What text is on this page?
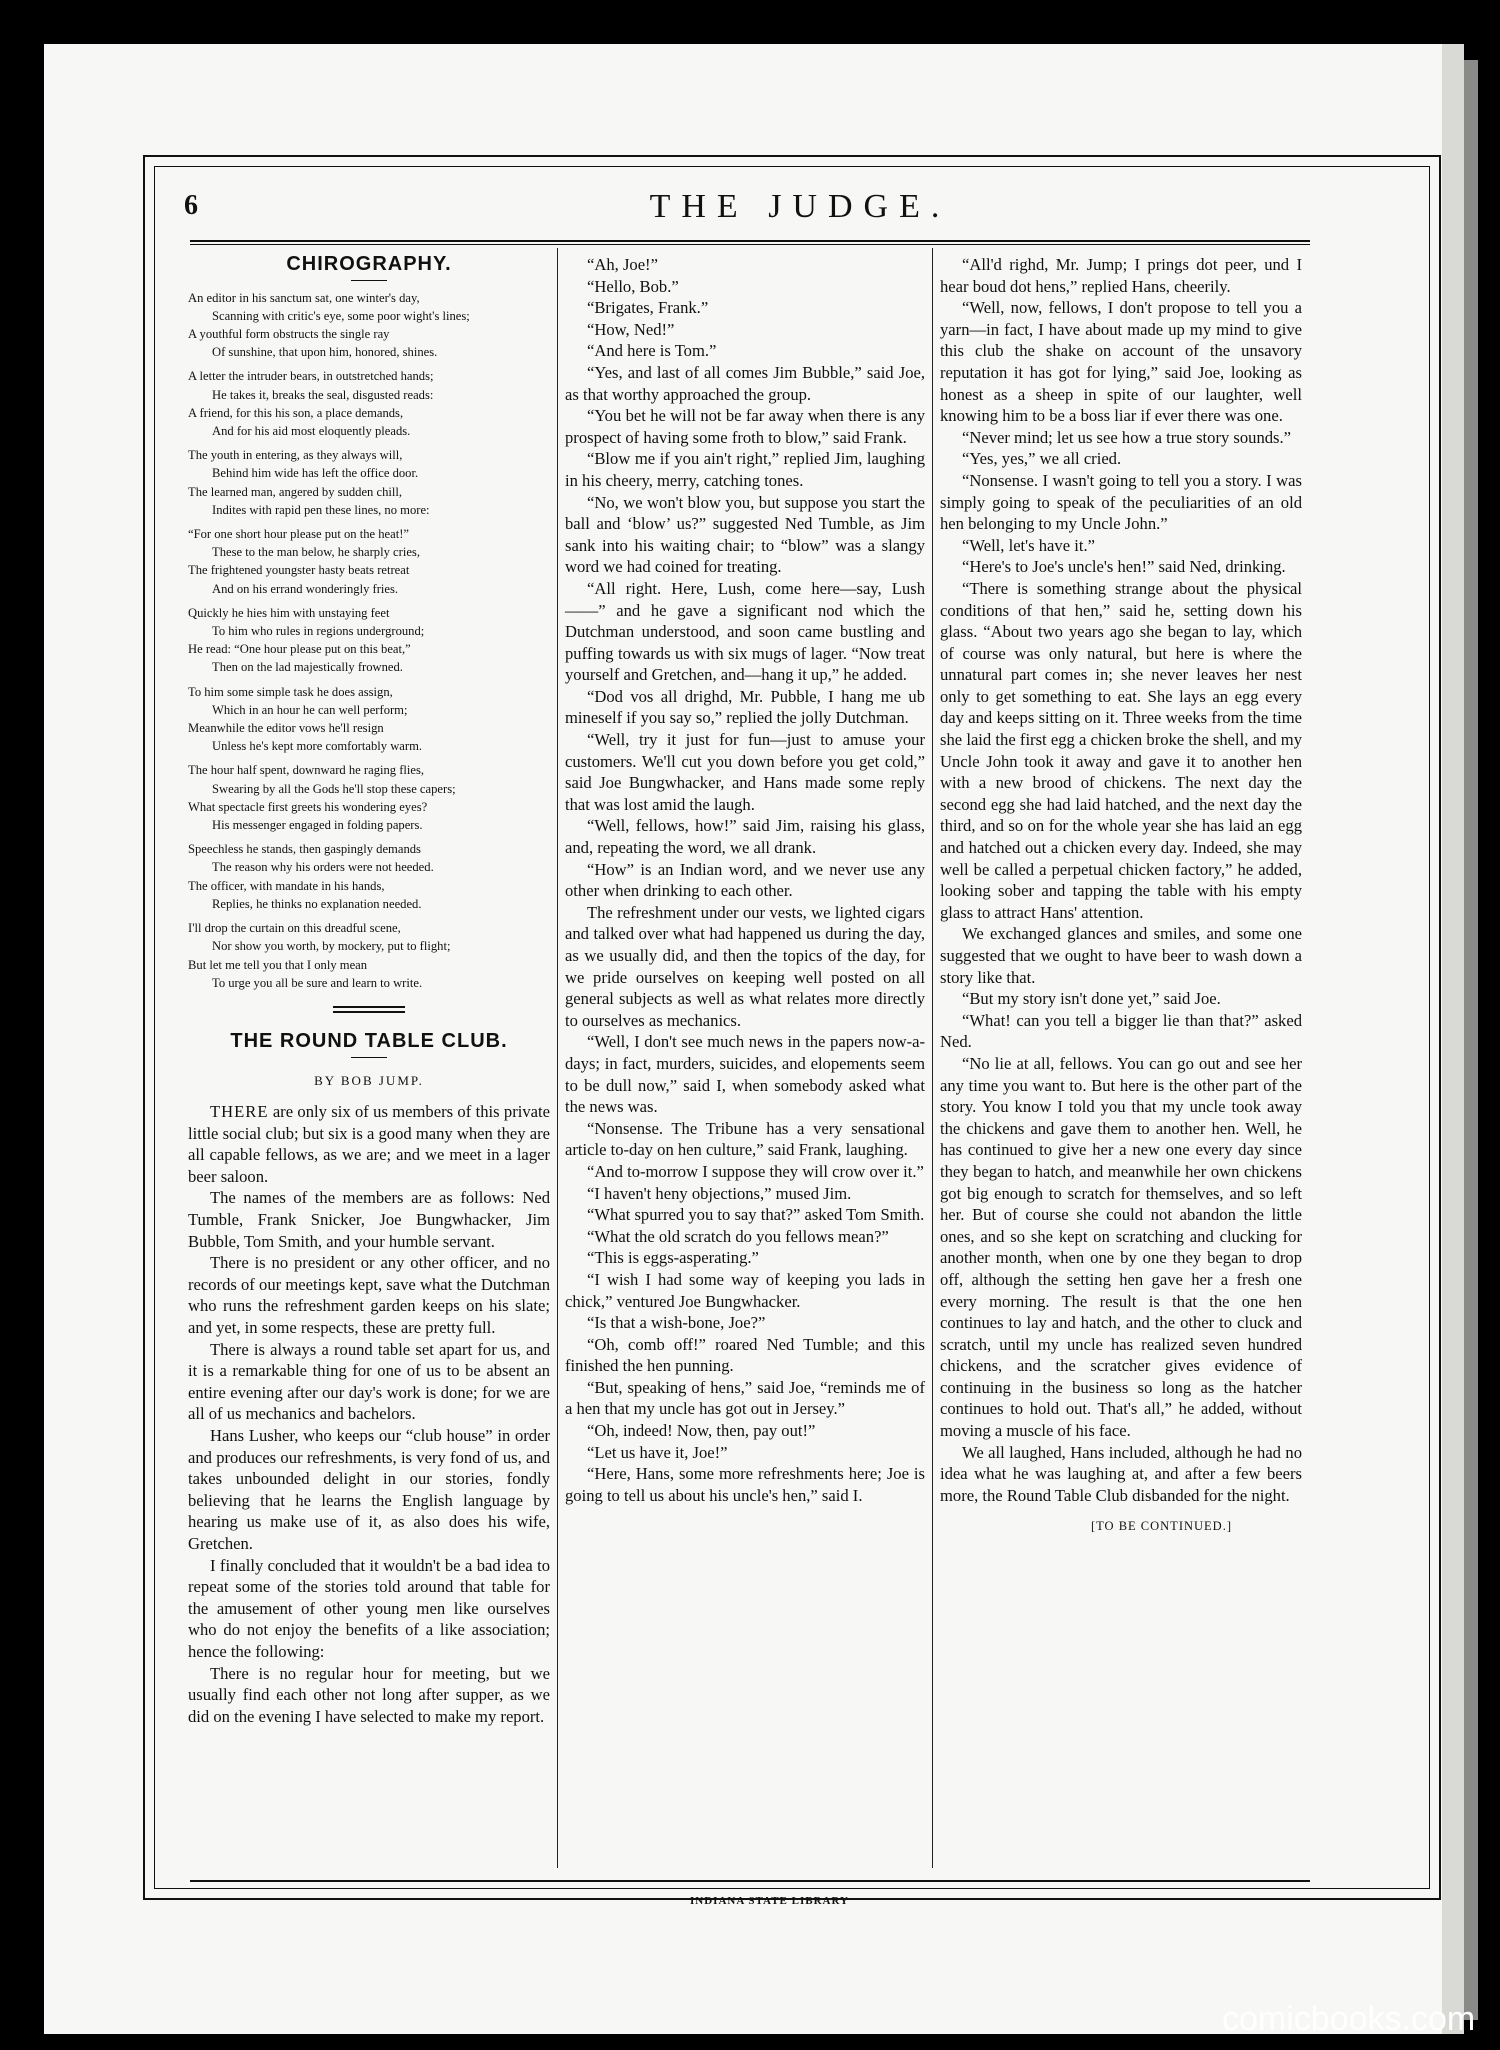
6	THE JUDGE.
CHIROGRAPHY.
An editor in his sanctum sat, one winter's day,
Scanning with critic's eye, some poor wight's lines;
A youthful form obstructs the single ray
Of sunshine, that upon him, honored, shines.
A letter the intruder bears, in outstretched hands;
He takes it, breaks the seal, disgusted reads:
A friend, for this his son, a place demands,
And for his aid most eloquently pleads.
The youth in entering, as they always will,
Behind him wide has left the office door.
The learned man, angered by sudden chill,
Indites with rapid pen these lines, no more:
“For one short hour please put on the heat!”
These to the man below, he sharply cries,
The frightened youngster hasty beats retreat
And on his errand wonderingly fries.
Quickly he hies him with unstaying feet
To him who rules in regions underground;
He read: “One hour please put on this beat,”
Then on the lad majestically frowned.
To him some simple task he does assign,
Which in an hour he can well perform;
Meanwhile the editor vows he'll resign
Unless he's kept more comfortably warm.
The hour half spent, downward he raging flies,
Swearing by all the Gods he'll stop these capers;
What spectacle first greets his wondering eyes?
His messenger engaged in folding papers.
Speechless he stands, then gaspingly demands
The reason why his orders were not heeded.
The officer, with mandate in his hands,
Replies, he thinks no explanation needed.
I'll drop the curtain on this dreadful scene,
Nor show you worth, by mockery, put to flight;
But let me tell you that I only mean
To urge you all be sure and learn to write.
THE ROUND TABLE CLUB.
BY BOB JUMP.

THERE are only six of us members of this private little social club; but six is a good many when they are all capable fellows, as we are; and we meet in a lager beer saloon.

The names of the members are as follows: Ned Tumble, Frank Snicker, Joe Bungwhacker, Jim Bubble, Tom Smith, and your humble servant.

There is no president or any other officer, and no records of our meetings kept, save what the Dutchman who runs the refreshment garden keeps on his slate; and yet, in some respects, these are pretty full.

There is always a round table set apart for us, and it is a remarkable thing for one of us to be absent an entire evening after our day's work is done; for we are all of us mechanics and bachelors.

Hans Lusher, who keeps our “club house” in order and produces our refreshments, is very fond of us, and takes unbounded delight in our stories, fondly believing that he learns the English language by hearing us make use of it, as also does his wife, Gretchen.

I finally concluded that it wouldn't be a bad idea to repeat some of the stories told around that table for the amusement of other young men like ourselves who do not enjoy the benefits of a like association; hence the following:

There is no regular hour for meeting, but we usually find each other not long after supper, as we did on the evening I have selected to make my report.

“Ah, Joe!”

“Hello, Bob.”

“Brigates, Frank.”

“How, Ned!”

“And here is Tom.”

“Yes, and last of all comes Jim Bubble,” said Joe, as that worthy approached the group.

“You bet he will not be far away when there is any prospect of having some froth to blow,” said Frank.

“Blow me if you ain't right,” replied Jim, laughing in his cheery, merry, catching tones.

“No, we won't blow you, but suppose you start the ball and ‘blow’ us?” suggested Ned Tumble, as Jim sank into his waiting chair; to “blow” was a slangy word we had coined for treating.

“All right. Here, Lush, come here—say, Lush——” and he gave a significant nod which the Dutchman understood, and soon came bustling and puffing towards us with six mugs of lager. “Now treat yourself and Gretchen, and—hang it up,” he added.

“Dod vos all drighd, Mr. Pubble, I hang me ub mineself if you say so,” replied the jolly Dutchman.

“Well, try it just for fun—just to amuse your customers. We'll cut you down before you get cold,” said Joe Bungwhacker, and Hans made some reply that was lost amid the laugh.

“Well, fellows, how!” said Jim, raising his glass, and, repeating the word, we all drank.

“How” is an Indian word, and we never use any other when drinking to each other.

The refreshment under our vests, we lighted cigars and talked over what had happened us during the day, as we usually did, and then the topics of the day, for we pride ourselves on keeping well posted on all general subjects as well as what relates more directly to ourselves as mechanics.

“Well, I don't see much news in the papers now-a-days; in fact, murders, suicides, and elopements seem to be dull now,” said I, when somebody asked what the news was.

“Nonsense. The Tribune has a very sensational article to-day on hen culture,” said Frank, laughing.

“And to-morrow I suppose they will crow over it.”

“I haven't heny objections,” mused Jim.

“What spurred you to say that?” asked Tom Smith.

“What the old scratch do you fellows mean?”

“This is eggs-asperating.”

“I wish I had some way of keeping you lads in chick,” ventured Joe Bungwhacker.

“Is that a wish-bone, Joe?”

“Oh, comb off!” roared Ned Tumble; and this finished the hen punning.

“But, speaking of hens,” said Joe, “reminds me of a hen that my uncle has got out in Jersey.”

“Oh, indeed! Now, then, pay out!”

“Let us have it, Joe!”

“Here, Hans, some more refreshments here; Joe is going to tell us about his uncle's hen,” said I.

“All'd righd, Mr. Jump; I prings dot peer, und I hear boud dot hens,” replied Hans, cheerily.

“Well, now, fellows, I don't propose to tell you a yarn—in fact, I have about made up my mind to give this club the shake on account of the unsavory reputation it has got for lying,” said Joe, looking as honest as a sheep in spite of our laughter, well knowing him to be a boss liar if ever there was one.

“Never mind; let us see how a true story sounds.”

“Yes, yes,” we all cried.

“Nonsense. I wasn't going to tell you a story. I was simply going to speak of the peculiarities of an old hen belonging to my Uncle John.”

“Well, let's have it.”

“Here's to Joe's uncle's hen!” said Ned, drinking.

“There is something strange about the physical conditions of that hen,” said he, setting down his glass. “About two years ago she began to lay, which of course was only natural, but here is where the unnatural part comes in; she never leaves her nest only to get something to eat. She lays an egg every day and keeps sitting on it. Three weeks from the time she laid the first egg a chicken broke the shell, and my Uncle John took it away and gave it to another hen with a new brood of chickens. The next day the second egg she had laid hatched, and the next day the third, and so on for the whole year she has laid an egg and hatched out a chicken every day. Indeed, she may well be called a perpetual chicken factory,” he added, looking sober and tapping the table with his empty glass to attract Hans' attention.

We exchanged glances and smiles, and some one suggested that we ought to have beer to wash down a story like that.

“But my story isn't done yet,” said Joe.

“What! can you tell a bigger lie than that?” asked Ned.

“No lie at all, fellows. You can go out and see her any time you want to. But here is the other part of the story. You know I told you that my uncle took away the chickens and gave them to another hen. Well, he has continued to give her a new one every day since they began to hatch, and meanwhile her own chickens got big enough to scratch for themselves, and so left her. But of course she could not abandon the little ones, and so she kept on scratching and clucking for another month, when one by one they began to drop off, although the setting hen gave her a fresh one every morning. The result is that the one hen continues to lay and hatch, and the other to cluck and scratch, until my uncle has realized seven hundred chickens, and the scratcher gives evidence of continuing in the business so long as the hatcher continues to hold out. That's all,” he added, without moving a muscle of his face.

We all laughed, Hans included, although he had no idea what he was laughing at, and after a few beers more, the Round Table Club disbanded for the night.

[TO BE CONTINUED.]
INDIANA STATE LIBRARY
comicbooks.com
